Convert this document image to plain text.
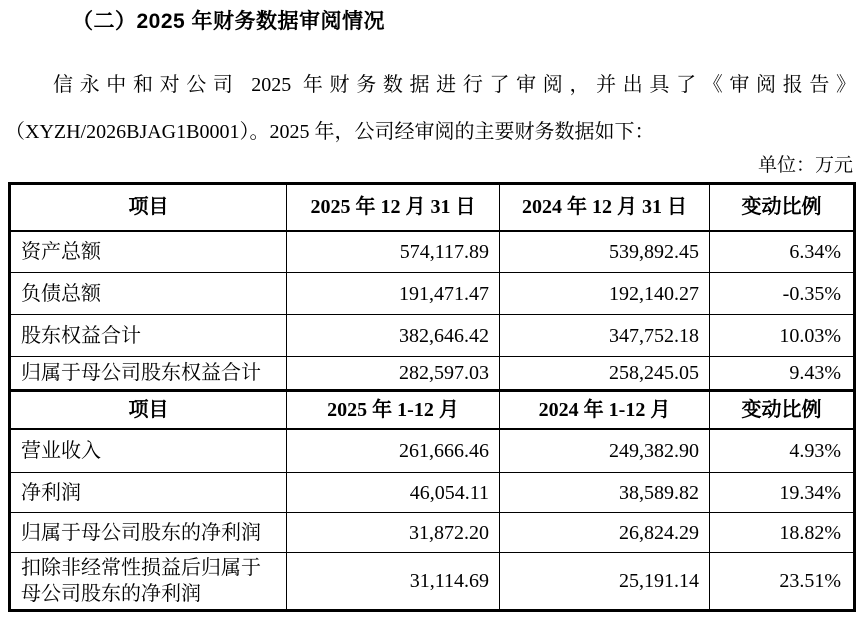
（二）2025 年财务数据审阅情况

信永中和对公司 2025 年财务数据进行了审阅，并出具了《审阅报告》

（XYZH/2026BJAG1B0001）。2025 年，公司经审阅的主要财务数据如下：

单位：万元
项目	2025 年 12 月 31 日	2024 年 12 月 31 日	变动比例
资产总额	574,117.89	539,892.45	6.34%
负债总额	191,471.47	192,140.27	-0.35%
股东权益合计	382,646.42	347,752.18	10.03%
归属于母公司股东权益合计	282,597.03	258,245.05	9.43%
项目	2025 年 1-12 月	2024 年 1-12 月	变动比例
营业收入	261,666.46	249,382.90	4.93%
净利润	46,054.11	38,589.82	19.34%
归属于母公司股东的净利润	31,872.20	26,824.29	18.82%
扣除非经常性损益后归属于母公司股东的净利润	31,114.69	25,191.14	23.51%
